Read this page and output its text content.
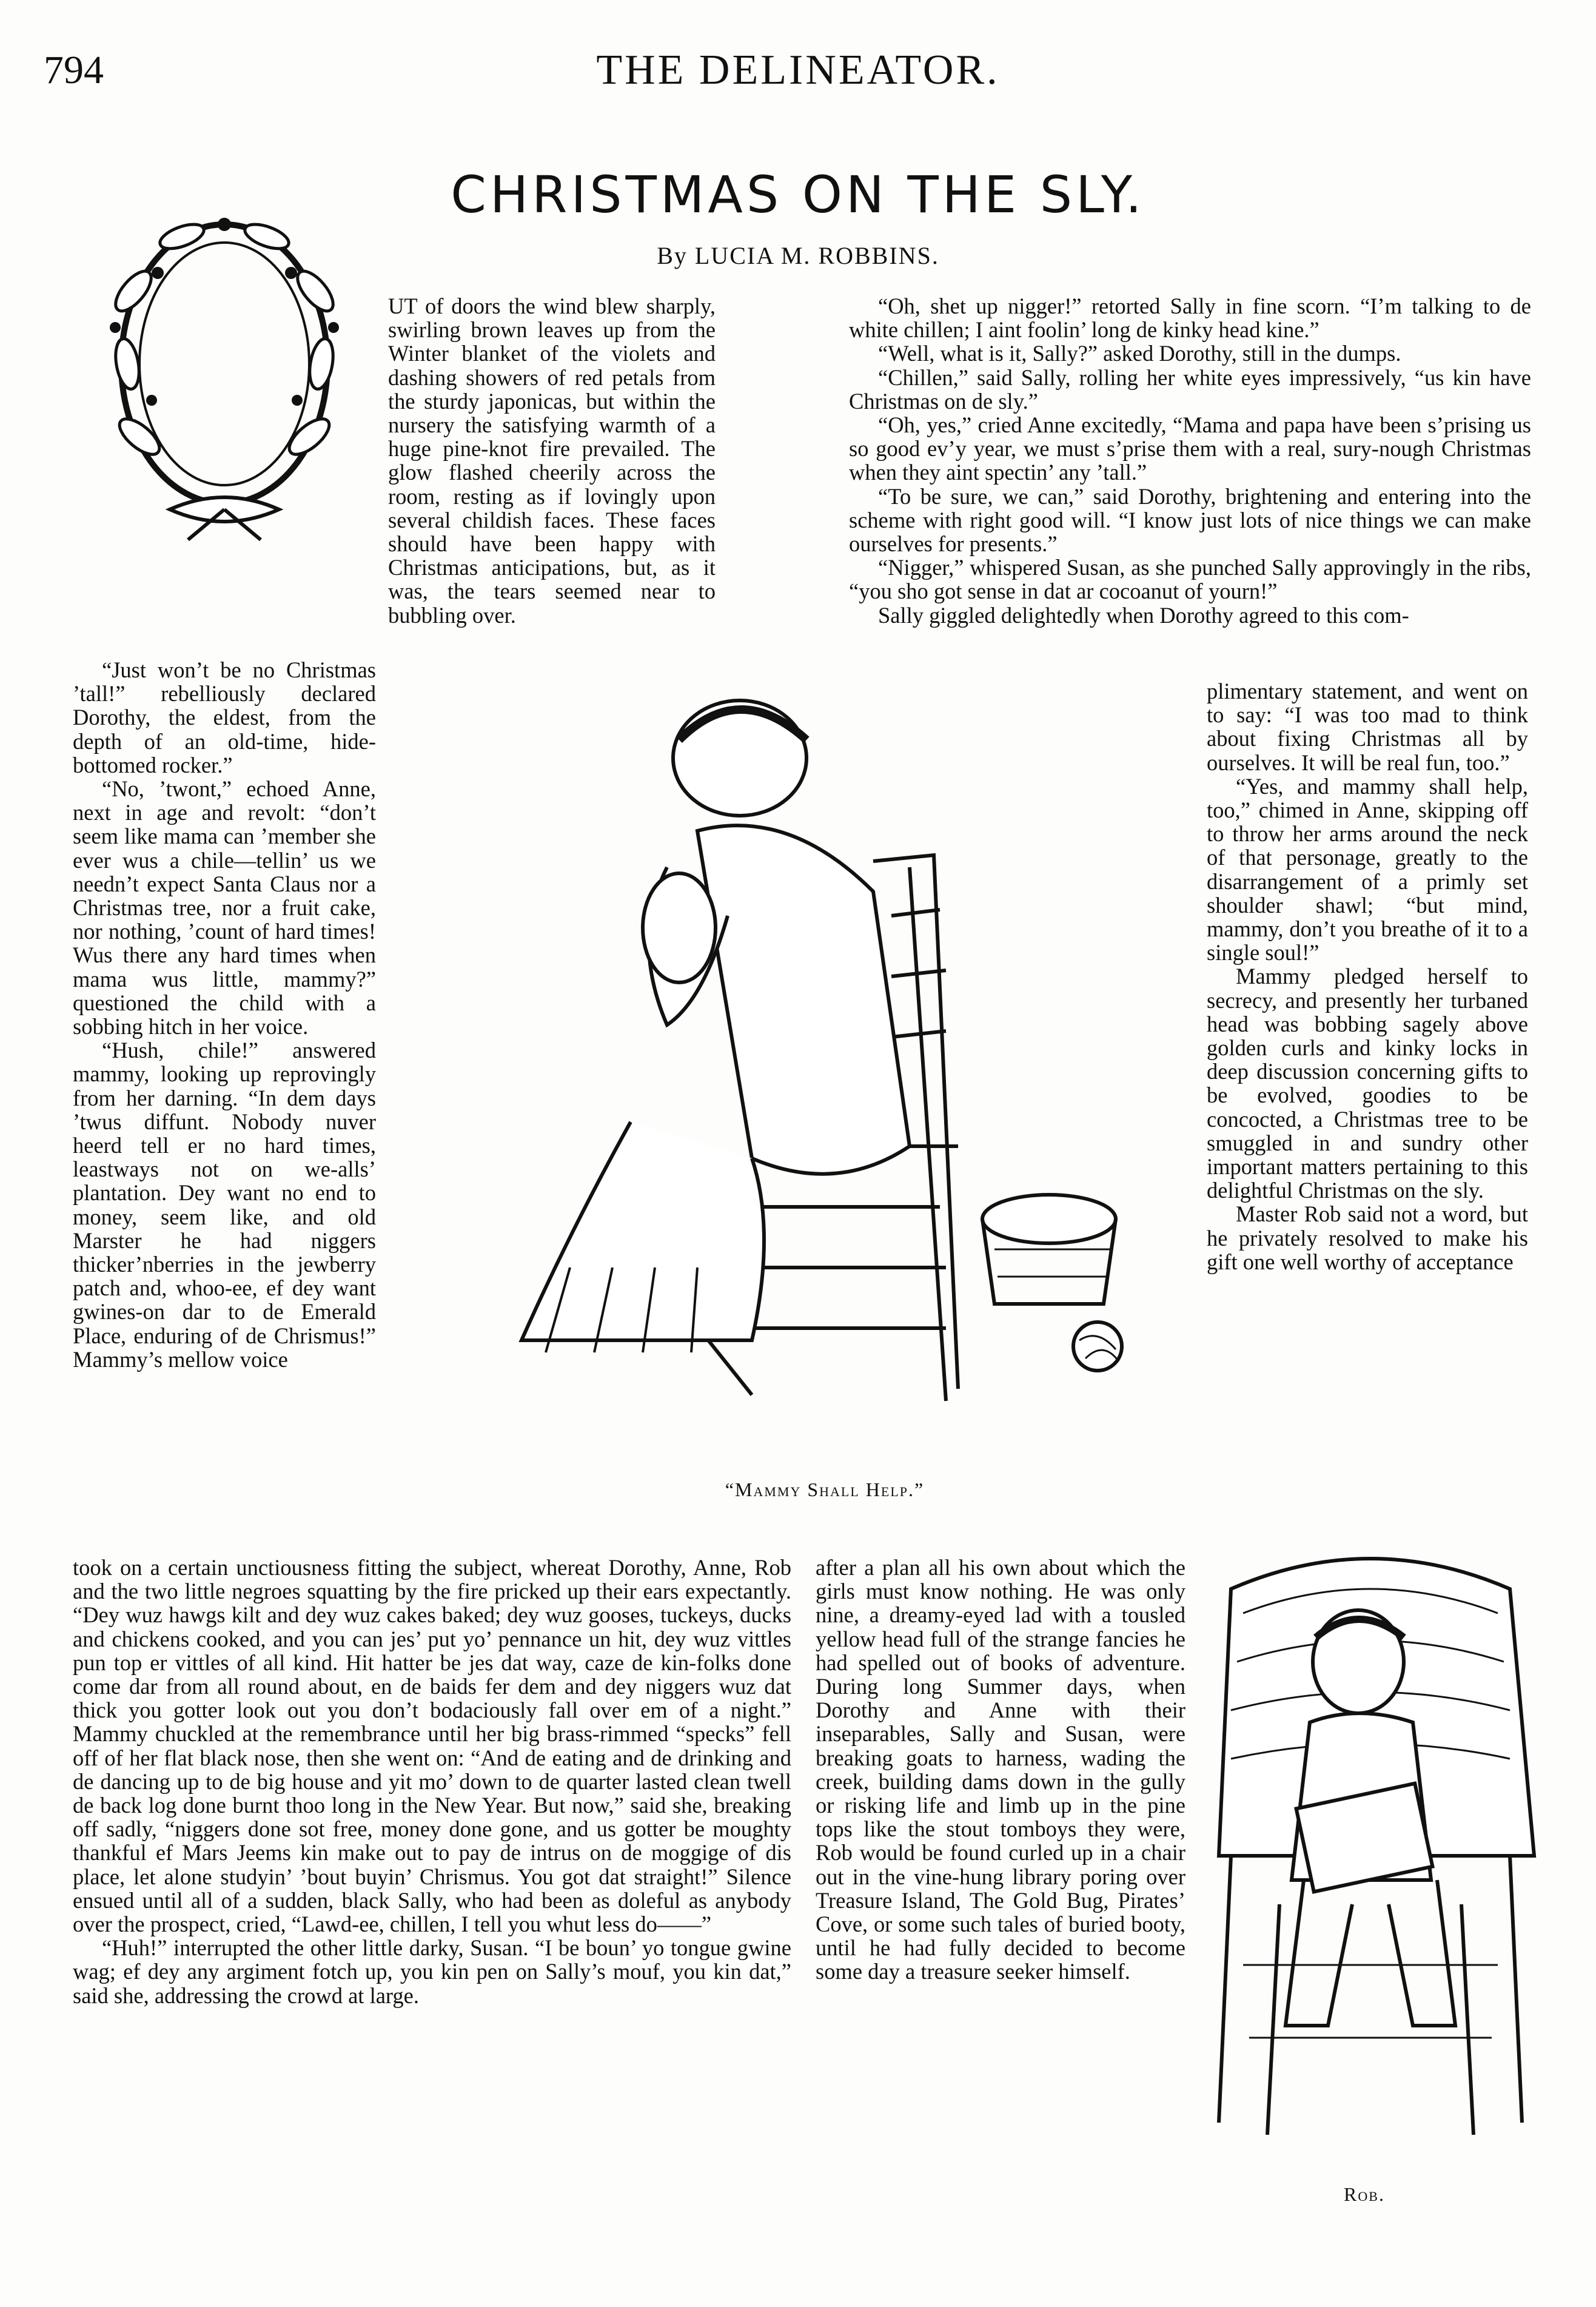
794	THE DELINEATOR.
CHRISTMAS ON THE SLY.
By LUCIA M. ROBBINS.

UT of doors the wind blew sharply, swirling brown leaves up from the Winter blanket of the violets and dashing showers of red petals from the sturdy japonicas, but within the nursery the satisfying warmth of a huge pine-knot fire prevailed. The glow flashed cheerily across the room, resting as if lovingly upon several childish faces. These faces should have been happy with Christmas anticipations, but, as it was, the tears seemed near to bubbling over.

“Just won’t be no Christmas ’tall!” rebelliously declared Dorothy, the eldest, from the depth of an old-time, hide-bottomed rocker.”

“No, ’twont,” echoed Anne, next in age and revolt: “don’t seem like mama can ’member she ever wus a chile—tellin’ us we needn’t expect Santa Claus nor a Christmas tree, nor a fruit cake, nor nothing, ’count of hard times! Wus there any hard times when mama wus little, mammy?” questioned the child with a sobbing hitch in her voice.

“Hush, chile!” answered mammy, looking up reprovingly from her darning. “In dem days ’twus diffunt. Nobody nuver heerd tell er no hard times, leastways not on we-alls’ plantation. Dey want no end to money, seem like, and old Marster he had niggers thicker’nberries in the jewberry patch and, whoo-ee, ef dey want gwines-on dar to de Emerald Place, enduring of de Chrismus!” Mammy’s mellow voice

took on a certain unctiousness fitting the subject, whereat Dorothy, Anne, Rob and the two little negroes squatting by the fire pricked up their ears expectantly. “Dey wuz hawgs kilt and dey wuz cakes baked; dey wuz gooses, tuckeys, ducks and chickens cooked, and you can jes’ put yo’ pennance un hit, dey wuz vittles pun top er vittles of all kind. Hit hatter be jes dat way, caze de kin-folks done come dar from all round about, en de baids fer dem and dey niggers wuz dat thick you gotter look out you don’t bodaciously fall over em of a night.” Mammy chuckled at the remembrance until her big brass-rimmed “specks” fell off of her flat black nose, then she went on: “And de eating and de drinking and de dancing up to de big house and yit mo’ down to de quarter lasted clean twell de back log done burnt thoo long in the New Year. But now,” said she, breaking off sadly, “niggers done sot free, money done gone, and us gotter be moughty thankful ef Mars Jeems kin make out to pay de intrus on de moggige of dis place, let alone studyin’ ’bout buyin’ Chrismus. You got dat straight!” Silence ensued until all of a sudden, black Sally, who had been as doleful as anybody over the prospect, cried, “Lawd-ee, chillen, I tell you whut less do——”

“Huh!” interrupted the other little darky, Susan. “I be boun’ yo tongue gwine wag; ef dey any argiment fotch up, you kin pen on Sally’s mouf, you kin dat,” said she, addressing the crowd at large.

“Oh, shet up nigger!” retorted Sally in fine scorn. “I’m talking to de white chillen; I aint foolin’ long de kinky head kine.”

“Well, what is it, Sally?” asked Dorothy, still in the dumps.

“Chillen,” said Sally, rolling her white eyes impressively, “us kin have Christmas on de sly.”

“Oh, yes,” cried Anne excitedly, “Mama and papa have been s’prising us so good ev’y year, we must s’prise them with a real, sury-nough Christmas when they aint spectin’ any ’tall.”

“To be sure, we can,” said Dorothy, brightening and entering into the scheme with right good will. “I know just lots of nice things we can make ourselves for presents.”

“Nigger,” whispered Susan, as she punched Sally approvingly in the ribs, “you sho got sense in dat ar cocoanut of yourn!”

Sally giggled delightedly when Dorothy agreed to this com-

plimentary statement, and went on to say: “I was too mad to think about fixing Christmas all by ourselves. It will be real fun, too.”

“Yes, and mammy shall help, too,” chimed in Anne, skipping off to throw her arms around the neck of that personage, greatly to the disarrangement of a primly set shoulder shawl; “but mind, mammy, don’t you breathe of it to a single soul!”

Mammy pledged herself to secrecy, and presently her turbaned head was bobbing sagely above golden curls and kinky locks in deep discussion concerning gifts to be evolved, goodies to be concocted, a Christmas tree to be smuggled in and sundry other important matters pertaining to this delightful Christmas on the sly.

Master Rob said not a word, but he privately resolved to make his gift one well worthy of acceptance

after a plan all his own about which the girls must know nothing. He was only nine, a dreamy-eyed lad with a tousled yellow head full of the strange fancies he had spelled out of books of adventure. During long Summer days, when Dorothy and Anne with their inseparables, Sally and Susan, were breaking goats to harness, wading the creek, building dams down in the gully or risking life and limb up in the pine tops like the stout tomboys they were, Rob would be found curled up in a chair out in the vine-hung library poring over Treasure Island, The Gold Bug, Pirates’ Cove, or some such tales of buried booty, until he had fully decided to become some day a treasure seeker himself.

“Mammy Shall Help.”
Rob.
